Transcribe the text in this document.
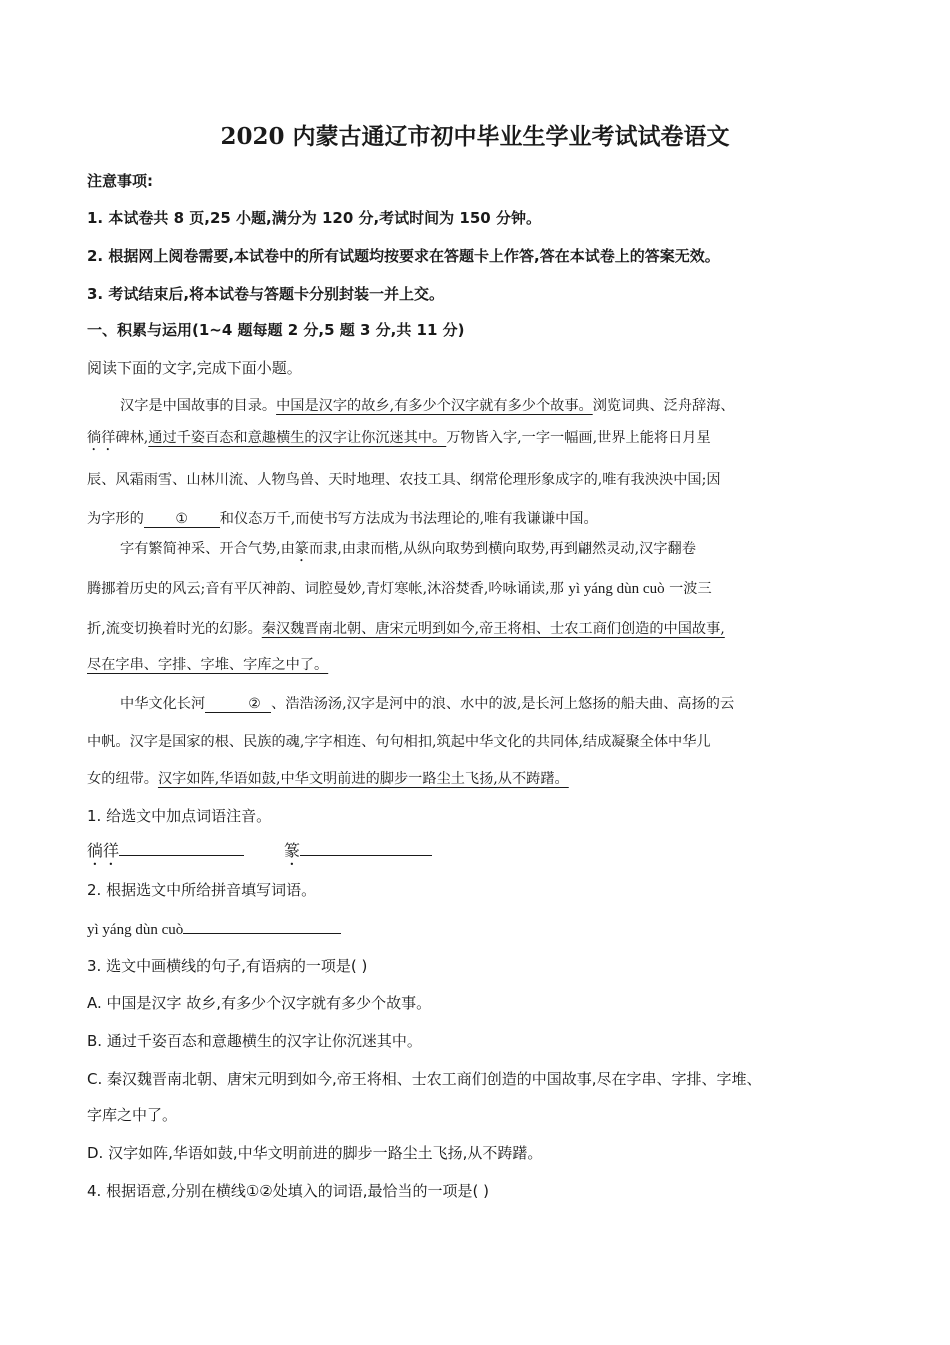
2020 内蒙古通辽市初中毕业生学业考试试卷语文
注意事项:
1. 本试卷共 8 页,25 小题,满分为 120 分,考试时间为 150 分钟。
2. 根据网上阅卷需要,本试卷中的所有试题均按要求在答题卡上作答,答在本试卷上的答案无效。
3. 考试结束后,将本试卷与答题卡分别封装一并上交。
一、积累与运用(1~4 题每题 2 分,5 题 3 分,共 11 分)
阅读下面的文字,完成下面小题。
汉字是中国故事的目录。中国是汉字的故乡,有多少个汉字就有多少个故事。浏览词典、泛舟辞海、
徜徉碑林,通过千姿百态和意趣横生的汉字让你沉迷其中。万物皆入字,一字一幅画,世界上能将日月星
辰、风霜雨雪、山林川流、人物鸟兽、天时地理、农技工具、纲常伦理形象成字的,唯有我泱泱中国;因
为字形的 ① 和仪态万千,而使书写方法成为书法理论的,唯有我谦谦中国。
字有繁简神采、开合气势,由篆而隶,由隶而楷,从纵向取势到横向取势,再到翩然灵动,汉字翻卷
腾挪着历史的风云;音有平仄神韵、词腔曼妙,青灯寒帐,沐浴焚香,吟咏诵读,那 yì yáng dùn cuò 一波三
折,流变切换着时光的幻影。秦汉魏晋南北朝、唐宋元明到如今,帝王将相、士农工商们创造的中国故事,
尽在字串、字排、字堆、字库之中了。
中华文化长河	② 、浩浩汤汤,汉字是河中的浪、水中的波,是长河上悠扬的船夫曲、高扬的云
中帆。汉字是国家的根、民族的魂,字字相连、句句相扣,筑起中华文化的共同体,结成凝聚全体中华儿
女的纽带。汉字如阵,华语如鼓,中华文明前进的脚步一路尘土飞扬,从不踌躇。
1. 给选文中加点词语注音。
徜徉	篆
2. 根据选文中所给拼音填写词语。
yì yáng dùn cuò
3. 选文中画横线的句子,有语病的一项是( )
A. 中国是汉字 故乡,有多少个汉字就有多少个故事。
B. 通过千姿百态和意趣横生的汉字让你沉迷其中。
C. 秦汉魏晋南北朝、唐宋元明到如今,帝王将相、士农工商们创造的中国故事,尽在字串、字排、字堆、
字库之中了。
D. 汉字如阵,华语如鼓,中华文明前进的脚步一路尘土飞扬,从不踌躇。
4. 根据语意,分别在横线①②处填入的词语,最恰当的一项是( )
